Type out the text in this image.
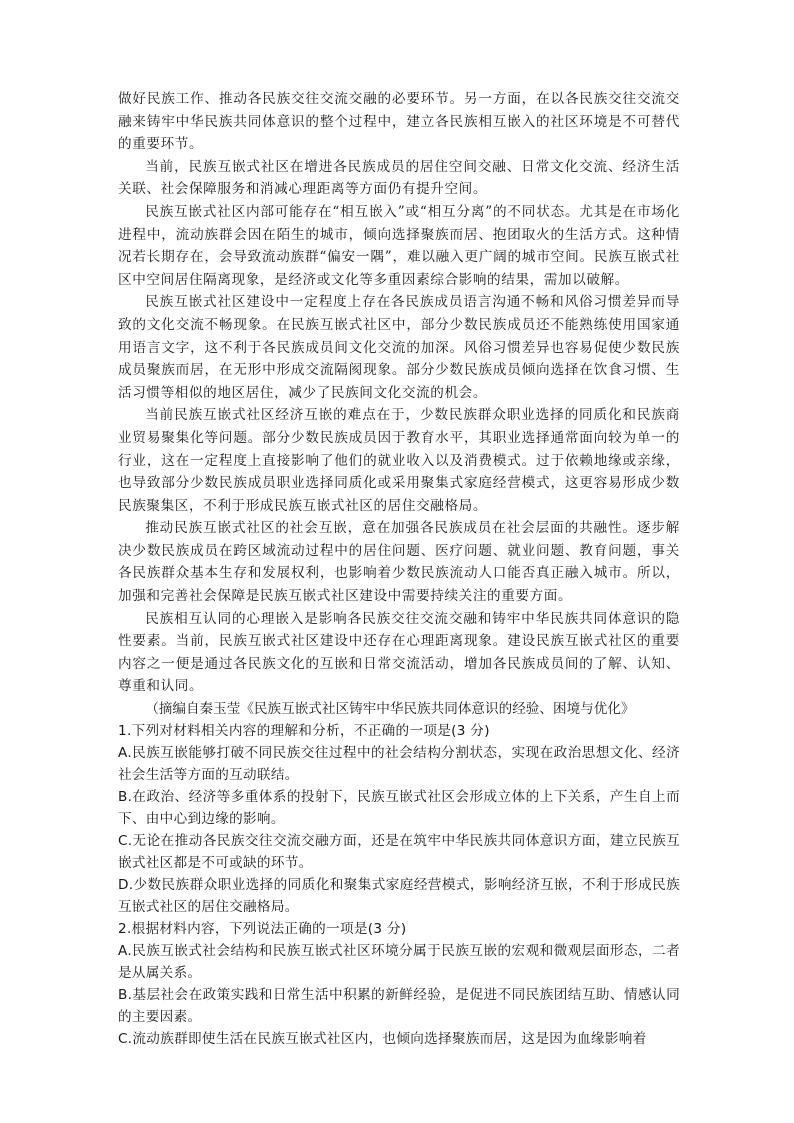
做好民族工作、推动各民族交往交流交融的必要环节。另一方面，在以各民族交往交流交融来铸牢中华民族共同体意识的整个过程中，建立各民族相互嵌入的社区环境是不可替代的重要环节。

当前，民族互嵌式社区在增进各民族成员的居住空间交融、日常文化交流、经济生活关联、社会保障服务和消减心理距离等方面仍有提升空间。

民族互嵌式社区内部可能存在“相互嵌入”或“相互分离”的不同状态。尤其是在市场化进程中，流动族群会因在陌生的城市，倾向选择聚族而居、抱团取火的生活方式。这种情况若长期存在，会导致流动族群“偏安一隅”，难以融入更广阔的城市空间。民族互嵌式社区中空间居住隔离现象，是经济或文化等多重因素综合影响的结果，需加以破解。

民族互嵌式社区建设中一定程度上存在各民族成员语言沟通不畅和风俗习惯差异而导致的文化交流不畅现象。在民族互嵌式社区中，部分少数民族成员还不能熟练使用国家通用语言文字，这不利于各民族成员间文化交流的加深。风俗习惯差异也容易促使少数民族成员聚族而居，在无形中形成交流隔阂现象。部分少数民族成员倾向选择在饮食习惯、生活习惯等相似的地区居住，减少了民族间文化交流的机会。

当前民族互嵌式社区经济互嵌的难点在于，少数民族群众职业选择的同质化和民族商业贸易聚集化等问题。部分少数民族成员因于教育水平，其职业选择通常面向较为单一的行业，这在一定程度上直接影响了他们的就业收入以及消费模式。过于依赖地缘或亲缘，也导致部分少数民族成员职业选择同质化或采用聚集式家庭经营模式，这更容易形成少数民族聚集区，不利于形成民族互嵌式社区的居住交融格局。

推动民族互嵌式社区的社会互嵌，意在加强各民族成员在社会层面的共融性。逐步解决少数民族成员在跨区域流动过程中的居住问题、医疗问题、就业问题、教育问题，事关各民族群众基本生存和发展权利，也影响着少数民族流动人口能否真正融入城市。所以，加强和完善社会保障是民族互嵌式社区建设中需要持续关注的重要方面。

民族相互认同的心理嵌入是影响各民族交往交流交融和铸牢中华民族共同体意识的隐性要素。当前，民族互嵌式社区建设中还存在心理距离现象。建设民族互嵌式社区的重要内容之一便是通过各民族文化的互嵌和日常交流活动，增加各民族成员间的了解、认知、尊重和认同。

（摘编自秦玉莹《民族互嵌式社区铸牢中华民族共同体意识的经验、困境与优化》

1.下列对材料相关内容的理解和分析，不正确的一项是(3 分)

A.民族互嵌能够打破不同民族交往过程中的社会结构分割状态，实现在政治思想文化、经济社会生活等方面的互动联结。

B.在政治、经济等多重体系的投射下，民族互嵌式社区会形成立体的上下关系，产生自上而下、由中心到边缘的影响。

C.无论在推动各民族交往交流交融方面，还是在筑牢中华民族共同体意识方面，建立民族互嵌式社区都是不可或缺的环节。

D.少数民族群众职业选择的同质化和聚集式家庭经营模式，影响经济互嵌，不利于形成民族互嵌式社区的居住交融格局。

2.根据材料内容，下列说法正确的一项是(3 分)

A.民族互嵌式社会结构和民族互嵌式社区环境分属于民族互嵌的宏观和微观层面形态，二者是从属关系。

B.基层社会在政策实践和日常生活中积累的新鲜经验，是促进不同民族团结互助、情感认同的主要因素。

C.流动族群即使生活在民族互嵌式社区内，也倾向选择聚族而居，这是因为血缘影响着
